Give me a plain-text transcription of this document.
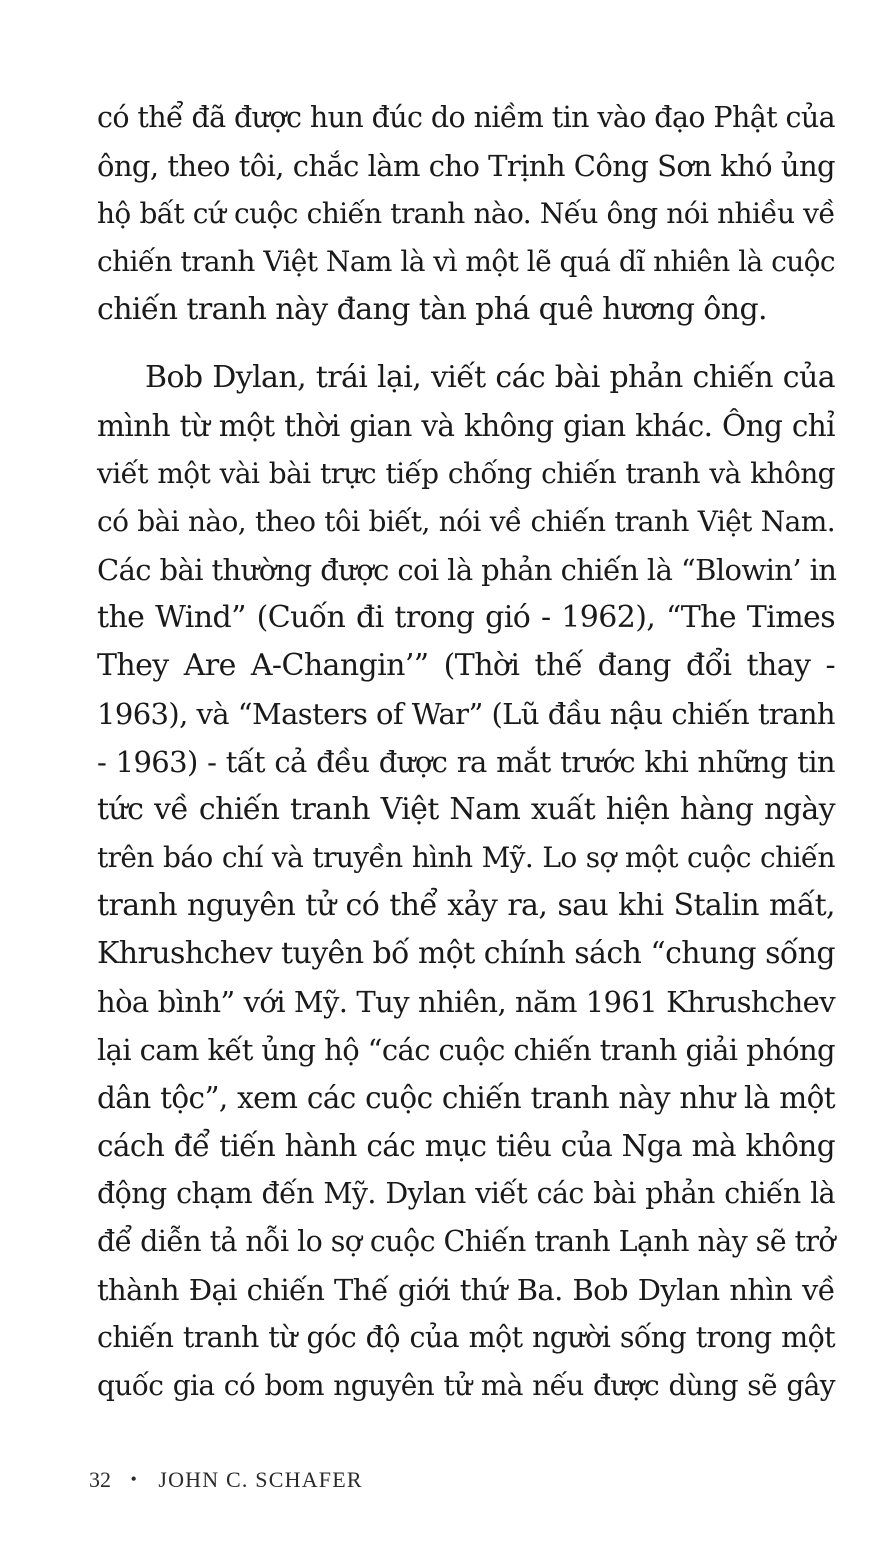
có thể đã được hun đúc do niềm tin vào đạo Phật của
ông, theo tôi, chắc làm cho Trịnh Công Sơn khó ủng
hộ bất cứ cuộc chiến tranh nào. Nếu ông nói nhiều về
chiến tranh Việt Nam là vì một lẽ quá dĩ nhiên là cuộc
chiến tranh này đang tàn phá quê hương ông.
Bob Dylan, trái lại, viết các bài phản chiến của
mình từ một thời gian và không gian khác. Ông chỉ
viết một vài bài trực tiếp chống chiến tranh và không
có bài nào, theo tôi biết, nói về chiến tranh Việt Nam.
Các bài thường được coi là phản chiến là “Blowin’ in
the Wind” (Cuốn đi trong gió - 1962), “The Times
They Are A-Changin’” (Thời thế đang đổi thay -
1963), và “Masters of War” (Lũ đầu nậu chiến tranh
- 1963) - tất cả đều được ra mắt trước khi những tin
tức về chiến tranh Việt Nam xuất hiện hàng ngày
trên báo chí và truyền hình Mỹ. Lo sợ một cuộc chiến
tranh nguyên tử có thể xảy ra, sau khi Stalin mất,
Khrushchev tuyên bố một chính sách “chung sống
hòa bình” với Mỹ. Tuy nhiên, năm 1961 Khrushchev
lại cam kết ủng hộ “các cuộc chiến tranh giải phóng
dân tộc”, xem các cuộc chiến tranh này như là một
cách để tiến hành các mục tiêu của Nga mà không
động chạm đến Mỹ. Dylan viết các bài phản chiến là
để diễn tả nỗi lo sợ cuộc Chiến tranh Lạnh này sẽ trở
thành Đại chiến Thế giới thứ Ba. Bob Dylan nhìn về
chiến tranh từ góc độ của một người sống trong một
quốc gia có bom nguyên tử mà nếu được dùng sẽ gây
32 • JOHN C. SCHAFER
